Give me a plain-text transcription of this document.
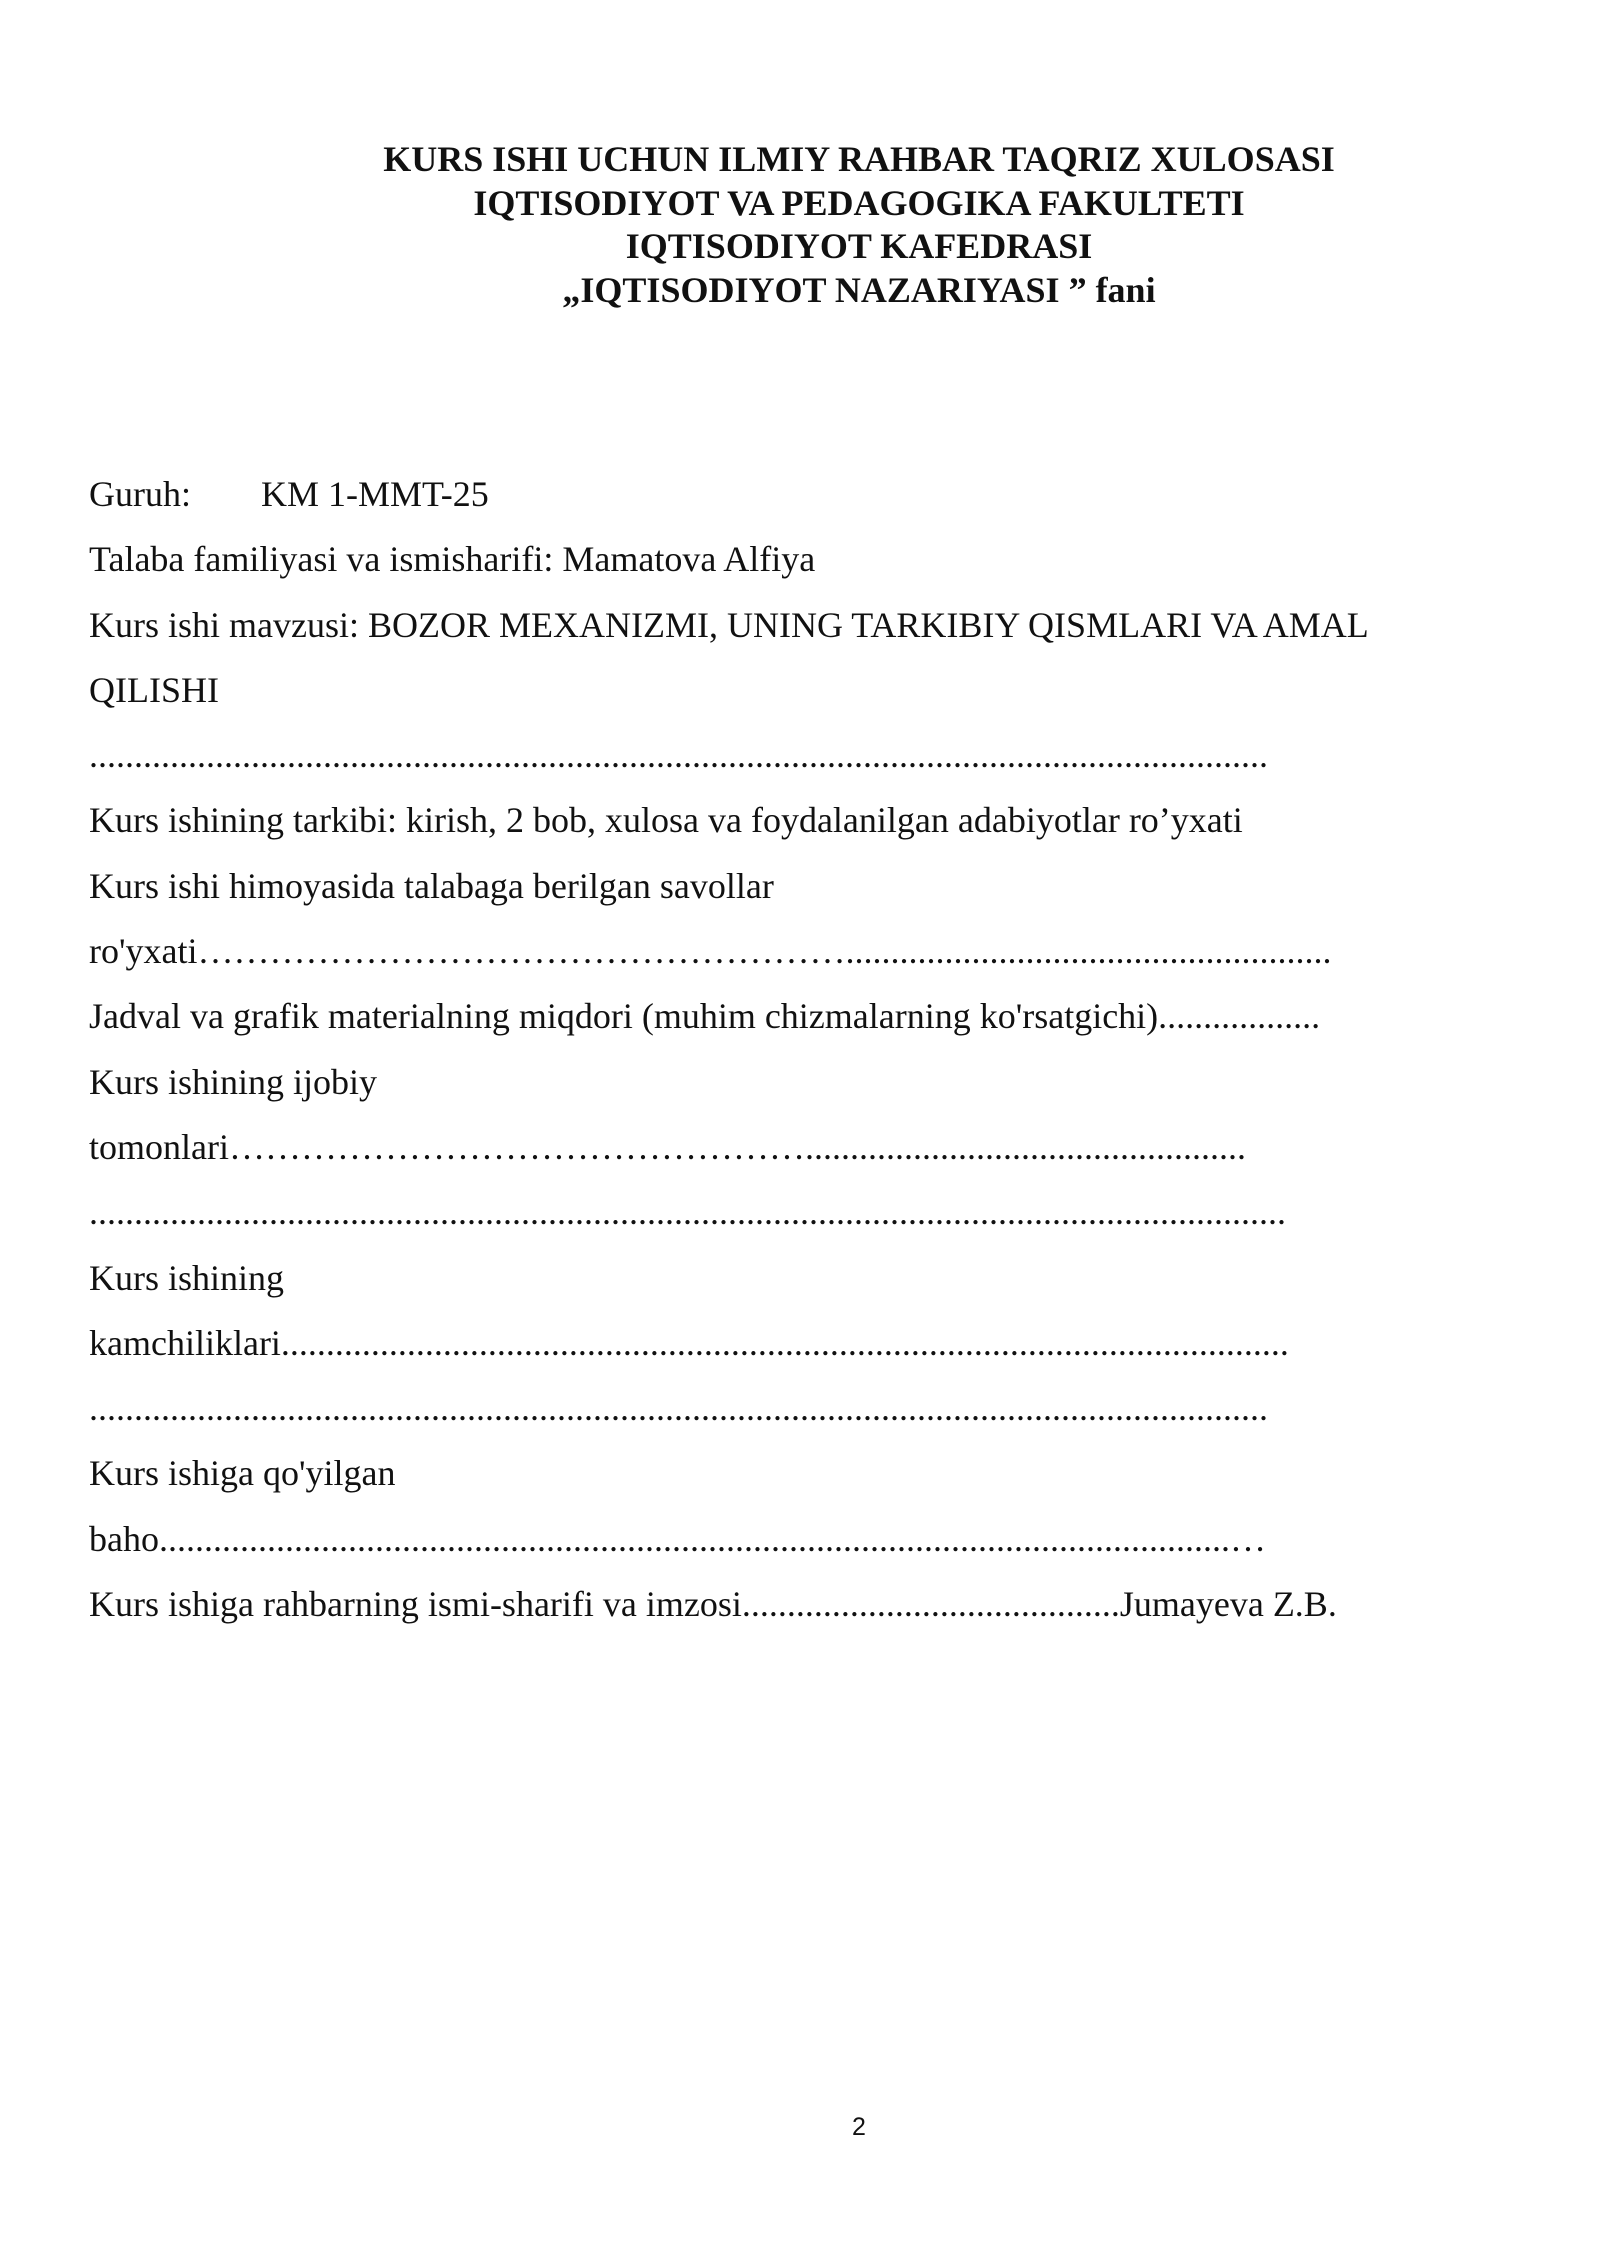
KURS ISHI UCHUN ILMIY RAHBAR TAQRIZ XULOSASI
IQTISODIYOT VA PEDAGOGIKA FAKULTETI
IQTISODIYOT KAFEDRASI
„IQTISODIYOT NAZARIYASI ” fani
Guruh: KM 1-MMT-25
Talaba familiyasi va ismisharifi: Mamatova Alfiya
Kurs ishi mavzusi: BOZOR MEXANIZMI, UNING TARKIBIY QISMLARI VA AMAL
QILISHI
...................................................................................................................................
Kurs ishining tarkibi: kirish, 2 bob, xulosa va foydalanilgan adabiyotlar ro’yxati
Kurs ishi himoyasida talabaga berilgan savollar
ro'yxati………………………………………………......................................................
Jadval va grafik materialning miqdori (muhim chizmalarning ko'rsatgichi)..................
Kurs ishining ijobiy
tomonlari………………………………………….................................................
.....................................................................................................................................
Kurs ishining
kamchiliklari................................................................................................................
...................................................................................................................................
Kurs ishiga qo'yilgan
baho.......................................................................................................................…
Kurs ishiga rahbarning ismi-sharifi va imzosi..........................................Jumayeva Z.B.
2
